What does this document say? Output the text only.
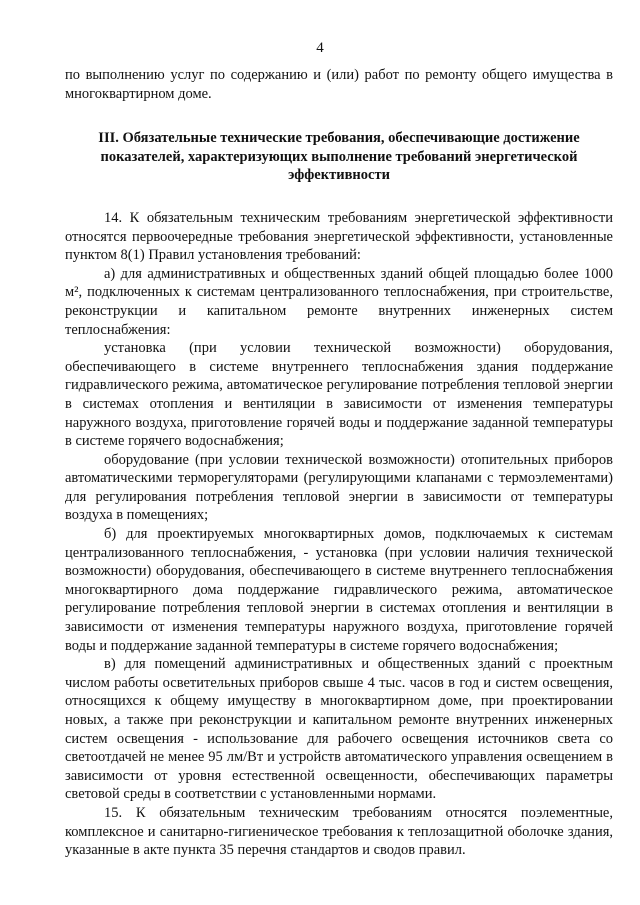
4

по выполнению услуг по содержанию и (или) работ по ремонту общего имущества в многоквартирном доме.

III. Обязательные технические требования, обеспечивающие достижение показателей, характеризующих выполнение требований энергетической эффективности

14. К обязательным техническим требованиям энергетической эффективности относятся первоочередные требования энергетической эффективности, установленные пунктом 8(1) Правил установления требований:

а) для административных и общественных зданий общей площадью более 1000 м², подключенных к системам централизованного теплоснабжения, при строительстве, реконструкции и капитальном ремонте внутренних инженерных систем теплоснабжения:

установка (при условии технической возможности) оборудования, обеспечивающего в системе внутреннего теплоснабжения здания поддержание гидравлического режима, автоматическое регулирование потребления тепловой энергии в системах отопления и вентиляции в зависимости от изменения температуры наружного воздуха, приготовление горячей воды и поддержание заданной температуры в системе горячего водоснабжения;

оборудование (при условии технической возможности) отопительных приборов автоматическими терморегуляторами (регулирующими клапанами с термоэлементами) для регулирования потребления тепловой энергии в зависимости от температуры воздуха в помещениях;

б) для проектируемых многоквартирных домов, подключаемых к системам централизованного теплоснабжения, - установка (при условии наличия технической возможности) оборудования, обеспечивающего в системе внутреннего теплоснабжения многоквартирного дома поддержание гидравлического режима, автоматическое регулирование потребления тепловой энергии в системах отопления и вентиляции в зависимости от изменения температуры наружного воздуха, приготовление горячей воды и поддержание заданной температуры в системе горячего водоснабжения;

в) для помещений административных и общественных зданий с проектным числом работы осветительных приборов свыше 4 тыс. часов в год и систем освещения, относящихся к общему имуществу в многоквартирном доме, при проектировании новых, а также при реконструкции и капитальном ремонте внутренних инженерных систем освещения - использование для рабочего освещения источников света со светоотдачей не менее 95 лм/Вт и устройств автоматического управления освещением в зависимости от уровня естественной освещенности, обеспечивающих параметры световой среды в соответствии с установленными нормами.

15. К обязательным техническим требованиям относятся поэлементные, комплексное и санитарно-гигиеническое требования к теплозащитной оболочке здания, указанные в акте пункта 35 перечня стандартов и сводов правил.
